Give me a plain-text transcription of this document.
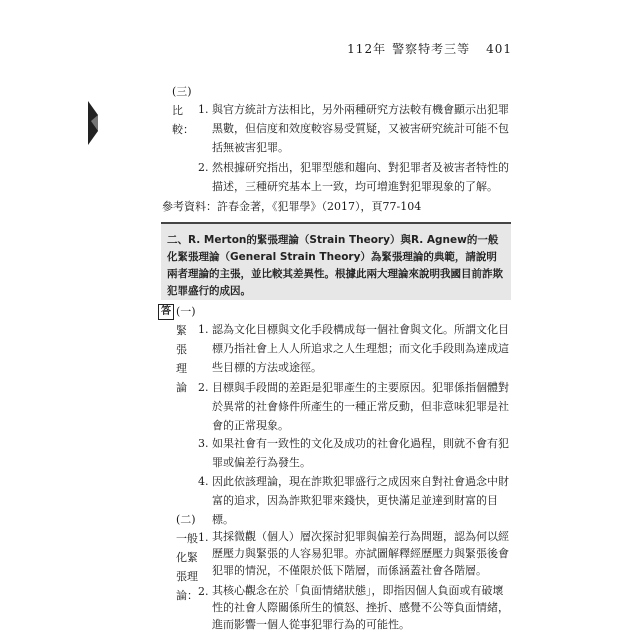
112年 警察特考三等 401
(三) 比較：
1. 與官方統計方法相比，另外兩種研究方法較有機會顯示出犯罪黑數，但信度和效度較容易受質疑，又被害研究統計可能不包括無被害犯罪。
2. 然根據研究指出，犯罪型態和趨向、對犯罪者及被害者特性的描述，三種研究基本上一致，均可增進對犯罪現象的了解。
參考資料：許春金著，《犯罪學》（2017），頁77-104
二、R. Merton的緊張理論（Strain Theory）與R. Agnew的一般化緊張理論（General Strain Theory）為緊張理論的典範，請說明兩者理論的主張，並比較其差異性。根據此兩大理論來說明我國目前詐欺犯罪盛行的成因。
答 (一) 緊張理論
1. 認為文化目標與文化手段構成每一個社會與文化。所謂文化目標乃指社會上人人所追求之人生理想；而文化手段則為達成這些目標的方法或途徑。
2. 目標與手段間的差距是犯罪產生的主要原因。犯罪係指個體對於異常的社會條件所產生的一種正常反動，但非意味犯罪是社會的正常現象。
3. 如果社會有一致性的文化及成功的社會化過程，則就不會有犯罪或偏差行為發生。
4. 因此依該理論，現在詐欺犯罪盛行之成因來自對社會過念中財富的追求，因為詐欺犯罪來錢快，更快滿足並達到財富的目標。
(二) 一般化緊張理論：
1. 其採微觀（個人）層次探討犯罪與偏差行為問題，認為何以經歷壓力與緊張的人容易犯罪。亦試圖解釋經歷壓力與緊張後會犯罪的情況，不僅限於低下階層，而係涵蓋社會各階層。
2. 其核心觀念在於「負面情緒狀態」，即指因個人負面或有破壞性的社會人際關係所生的憤怒、挫折、感覺不公等負面情緒，進而影響一個人從事犯罪行為的可能性。
